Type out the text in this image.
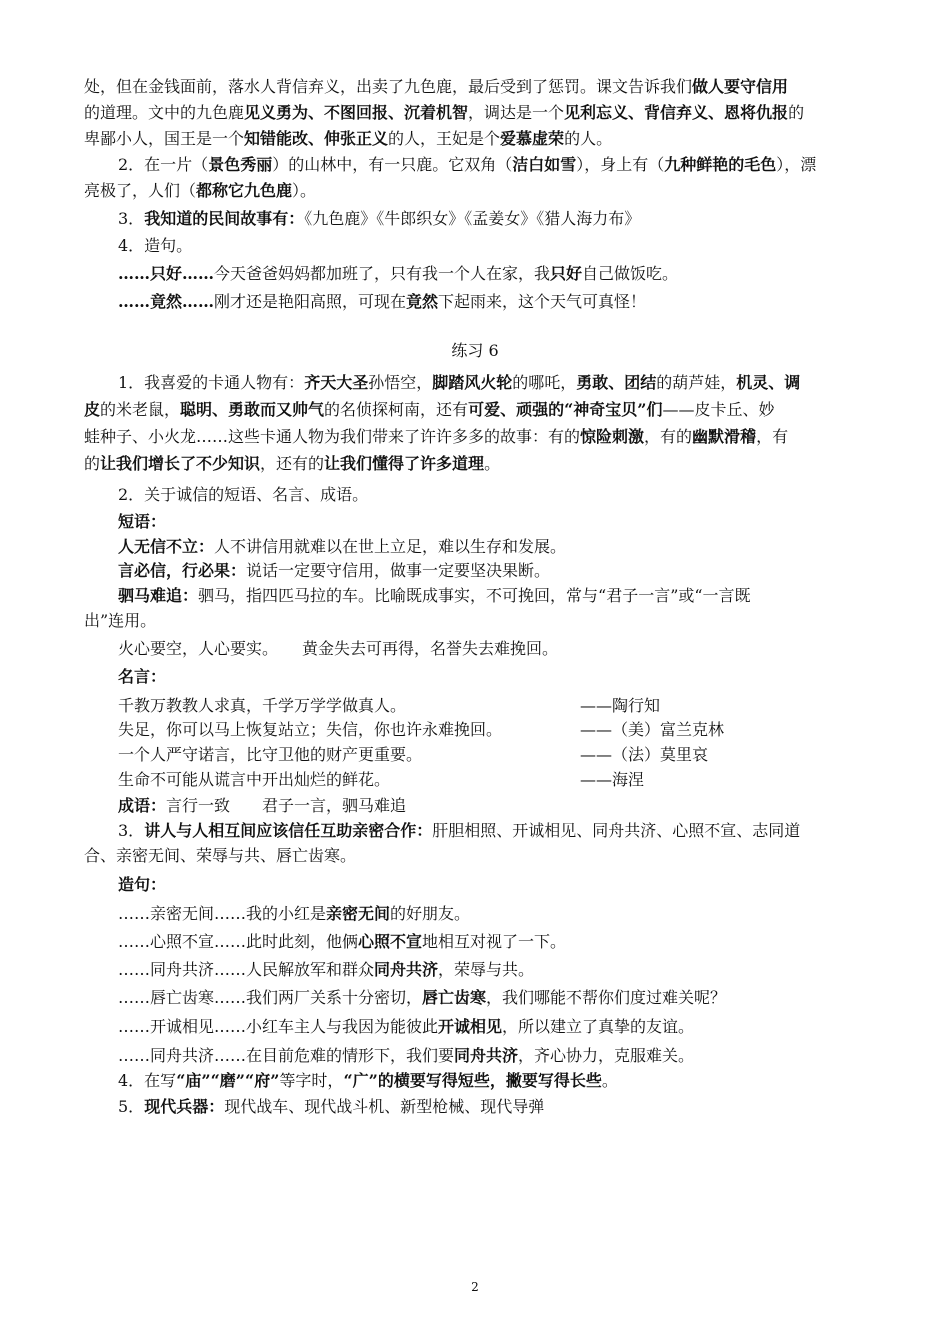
处，但在金钱面前，落水人背信弃义，出卖了九色鹿，最后受到了惩罚。课文告诉我们做人要守信用

的道理。文中的九色鹿见义勇为、不图回报、沉着机智，调达是一个见利忘义、背信弃义、恩将仇报的

卑鄙小人，国王是一个知错能改、伸张正义的人，王妃是个爱慕虚荣的人。

2．在一片（景色秀丽）的山林中，有一只鹿。它双角（洁白如雪），身上有（九种鲜艳的毛色），漂

亮极了，人们（都称它九色鹿）。

3．我知道的民间故事有：《九色鹿》《牛郎织女》《孟姜女》《猎人海力布》

4．造句。

……只好……今天爸爸妈妈都加班了，只有我一个人在家，我只好自己做饭吃。

……竟然……刚才还是艳阳高照，可现在竟然下起雨来，这个天气可真怪！

练习 6

1．我喜爱的卡通人物有：齐天大圣孙悟空，脚踏风火轮的哪吒，勇敢、团结的葫芦娃，机灵、调

皮的米老鼠，聪明、勇敢而又帅气的名侦探柯南，还有可爱、顽强的“神奇宝贝”们——皮卡丘、妙

蛙种子、小火龙……这些卡通人物为我们带来了许许多多的故事：有的惊险刺激，有的幽默滑稽，有

的让我们增长了不少知识，还有的让我们懂得了许多道理。

2．关于诚信的短语、名言、成语。

短语：

人无信不立：人不讲信用就难以在世上立足，难以生存和发展。

言必信，行必果：说话一定要守信用，做事一定要坚决果断。

驷马难追：驷马，指四匹马拉的车。比喻既成事实，不可挽回，常与“君子一言”或“一言既

出”连用。

火心要空，人心要实。　　黄金失去可再得，名誉失去难挽回。

名言：

千教万教教人求真，千学万学学做真人。	——陶行知
失足，你可以马上恢复站立；失信，你也许永难挽回。	——（美）富兰克林
一个人严守诺言，比守卫他的财产更重要。	——（法）莫里哀
生命不可能从谎言中开出灿烂的鲜花。	——海涅

成语：言行一致　　君子一言，驷马难追

3．讲人与人相互间应该信任互助亲密合作：肝胆相照、开诚相见、同舟共济、心照不宣、志同道

合、亲密无间、荣辱与共、唇亡齿寒。

造句：

……亲密无间……我的小红是亲密无间的好朋友。

……心照不宣……此时此刻，他俩心照不宣地相互对视了一下。

……同舟共济……人民解放军和群众同舟共济，荣辱与共。

……唇亡齿寒……我们两厂关系十分密切，唇亡齿寒，我们哪能不帮你们度过难关呢？

……开诚相见……小红车主人与我因为能彼此开诚相见，所以建立了真挚的友谊。

……同舟共济……在目前危难的情形下，我们要同舟共济，齐心协力，克服难关。

4．在写“庙”“磨”“府”等字时，“广”的横要写得短些，撇要写得长些。

5．现代兵器：现代战车、现代战斗机、新型枪械、现代导弹

2
